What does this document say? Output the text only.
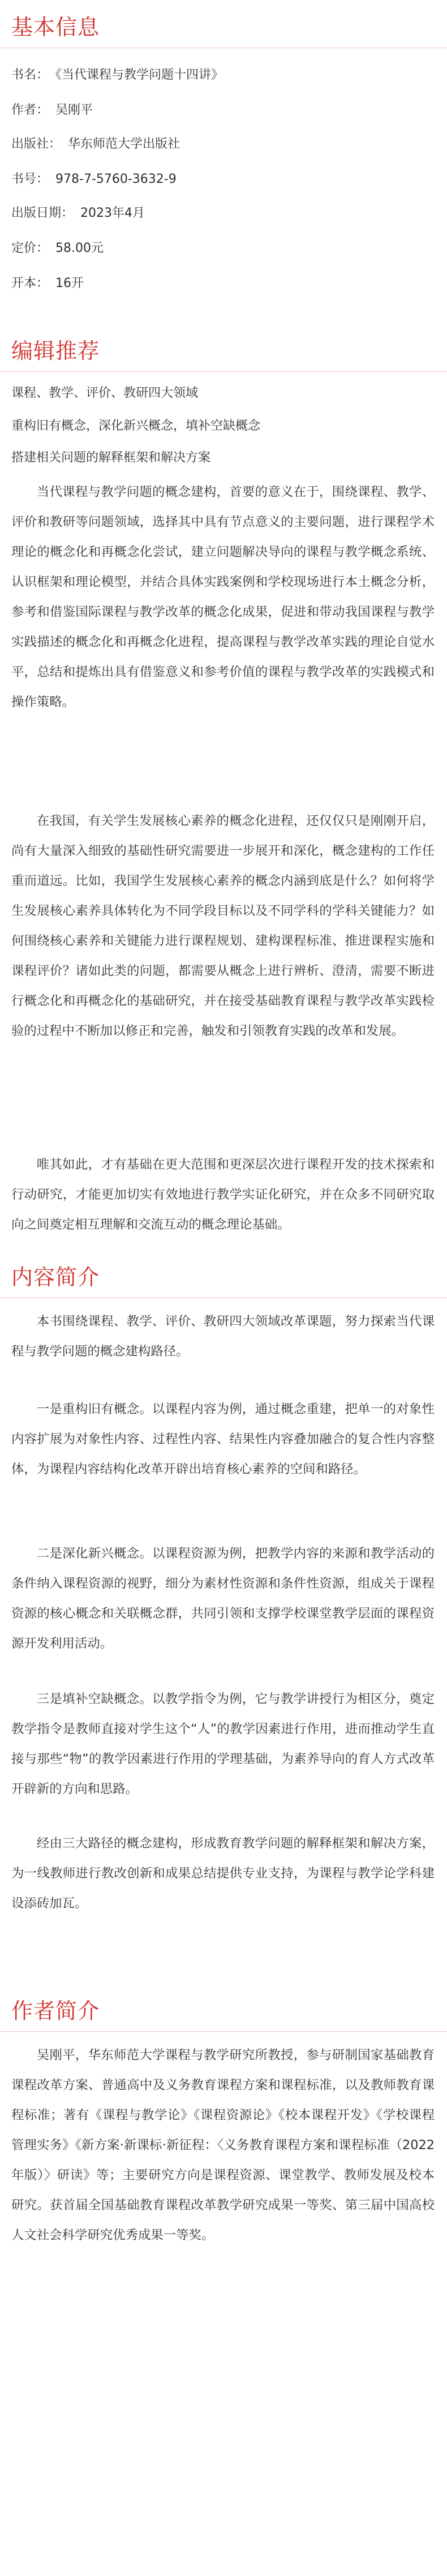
基本信息
书名： 《当代课程与教学问题十四讲》
作者： 吴刚平
出版社： 华东师范大学出版社
书号： 978-7-5760-3632-9
出版日期： 2023年4月
定价： 58.00元
开本： 16开
编辑推荐
课程、教学、评价、教研四大领域
重构旧有概念，深化新兴概念，填补空缺概念
搭建相关问题的解释框架和解决方案

当代课程与教学问题的概念建构，首要的意义在于，围绕课程、教学、评价和教研等问题领域，选择其中具有节点意义的主要问题，进行课程学术理论的概念化和再概念化尝试，建立问题解决导向的课程与教学概念系统、认识框架和理论模型，并结合具体实践案例和学校现场进行本土概念分析，参考和借鉴国际课程与教学改革的概念化成果，促进和带动我国课程与教学实践描述的概念化和再概念化进程，提高课程与教学改革实践的理论自觉水平，总结和提炼出具有借鉴意义和参考价值的课程与教学改革的实践模式和操作策略。

在我国，有关学生发展核心素养的概念化进程，还仅仅只是刚刚开启，尚有大量深入细致的基础性研究需要进一步展开和深化，概念建构的工作任重而道远。比如，我国学生发展核心素养的概念内涵到底是什么？如何将学生发展核心素养具体转化为不同学段目标以及不同学科的学科关键能力？如何围绕核心素养和关键能力进行课程规划、建构课程标准、推进课程实施和课程评价？诸如此类的问题，都需要从概念上进行辨析、澄清，需要不断进行概念化和再概念化的基础研究，并在接受基础教育课程与教学改革实践检验的过程中不断加以修正和完善，触发和引领教育实践的改革和发展。

唯其如此，才有基础在更大范围和更深层次进行课程开发的技术探索和行动研究，才能更加切实有效地进行教学实证化研究，并在众多不同研究取向之间奠定相互理解和交流互动的概念理论基础。

内容简介

本书围绕课程、教学、评价、教研四大领域改革课题，努力探索当代课程与教学问题的概念建构路径。

一是重构旧有概念。以课程内容为例，通过概念重建，把单一的对象性内容扩展为对象性内容、过程性内容、结果性内容叠加融合的复合性内容整体，为课程内容结构化改革开辟出培育核心素养的空间和路径。

二是深化新兴概念。以课程资源为例，把教学内容的来源和教学活动的条件纳入课程资源的视野，细分为素材性资源和条件性资源，组成关于课程资源的核心概念和关联概念群，共同引领和支撑学校课堂教学层面的课程资源开发利用活动。

三是填补空缺概念。以教学指令为例，它与教学讲授行为相区分，奠定教学指令是教师直接对学生这个“人”的教学因素进行作用，进而推动学生直接与那些“物”的教学因素进行作用的学理基础，为素养导向的育人方式改革开辟新的方向和思路。

经由三大路径的概念建构，形成教育教学问题的解释框架和解决方案，为一线教师进行教改创新和成果总结提供专业支持，为课程与教学论学科建设添砖加瓦。

作者简介

吴刚平，华东师范大学课程与教学研究所教授，参与研制国家基础教育课程改革方案、普通高中及义务教育课程方案和课程标准，以及教师教育课程标准；著有《课程与教学论》《课程资源论》《校本课程开发》《学校课程管理实务》《新方案·新课标·新征程：〈义务教育课程方案和课程标准（2022年版）〉研读》等；主要研究方向是课程资源、课堂教学、教师发展及校本研究。获首届全国基础教育课程改革教学研究成果一等奖、第三届中国高校人文社会科学研究优秀成果一等奖。
